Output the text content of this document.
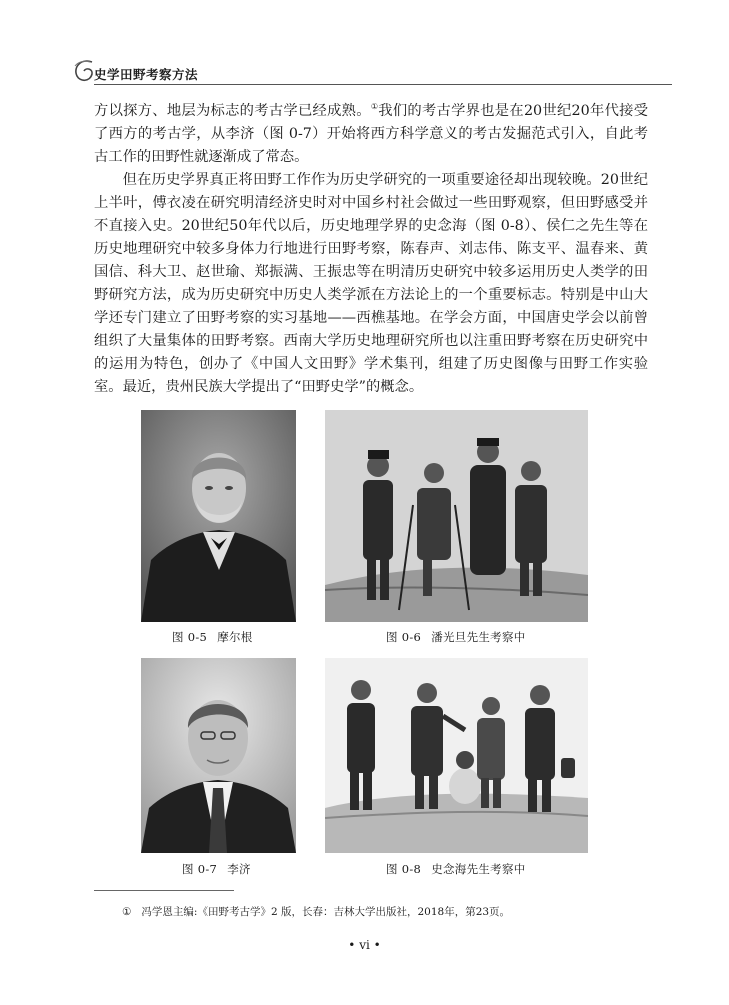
史学田野考察方法

方以探方、地层为标志的考古学已经成熟。①我们的考古学界也是在20世纪20年代接受了西方的考古学，从李济（图 0-7）开始将西方科学意义的考古发掘范式引入，自此考古工作的田野性就逐渐成了常态。

但在历史学界真正将田野工作作为历史学研究的一项重要途径却出现较晚。20世纪上半叶，傅衣凌在研究明清经济史时对中国乡村社会做过一些田野观察，但田野感受并不直接入史。20世纪50年代以后，历史地理学界的史念海（图 0-8）、侯仁之先生等在历史地理研究中较多身体力行地进行田野考察，陈春声、刘志伟、陈支平、温春来、黄国信、科大卫、赵世瑜、郑振满、王振忠等在明清历史研究中较多运用历史人类学的田野研究方法，成为历史研究中历史人类学派在方法论上的一个重要标志。特别是中山大学还专门建立了田野考察的实习基地——西樵基地。在学会方面，中国唐史学会以前曾组织了大量集体的田野考察。西南大学历史地理研究所也以注重田野考察在历史研究中的运用为特色，创办了《中国人文田野》学术集刊，组建了历史图像与田野工作实验室。最近，贵州民族大学提出了“田野史学”的概念。

图 0-5 摩尔根	图 0-6 潘光旦先生考察中
图 0-7 李济	图 0-8 史念海先生考察中
① 冯学恩主编:《田野考古学》2 版，长春：吉林大学出版社，2018年，第23页。
• vi •
